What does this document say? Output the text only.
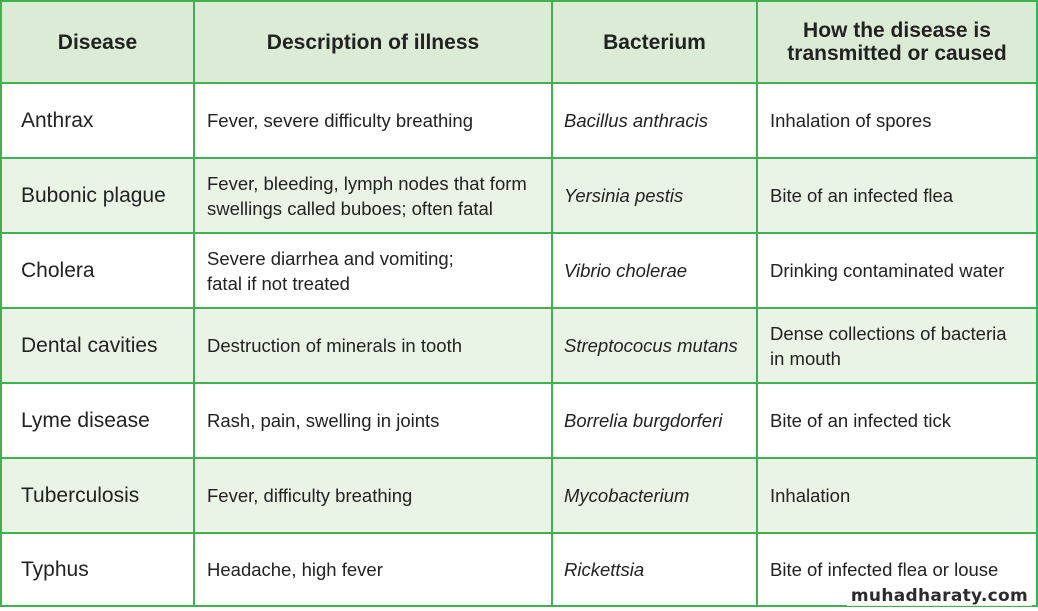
Disease	Description of illness	Bacterium	How the disease is
transmitted or caused

Anthrax	Fever, severe difficulty breathing	Bacillus anthracis	Inhalation of spores

Bubonic plague	Fever, bleeding, lymph nodes that form
swellings called buboes; often fatal	Yersinia pestis	Bite of an infected flea

Cholera	Severe diarrhea and vomiting;
fatal if not treated	Vibrio cholerae	Drinking contaminated water

Dental cavities	Destruction of minerals in tooth	Streptococus mutans	Dense collections of bacteria
in mouth

Lyme disease	Rash, pain, swelling in joints	Borrelia burgdorferi	Bite of an infected tick

Tuberculosis	Fever, difficulty breathing	Mycobacterium	Inhalation

Typhus	Headache, high fever	Rickettsia	Bite of infected flea or louse
muhadharaty.com
